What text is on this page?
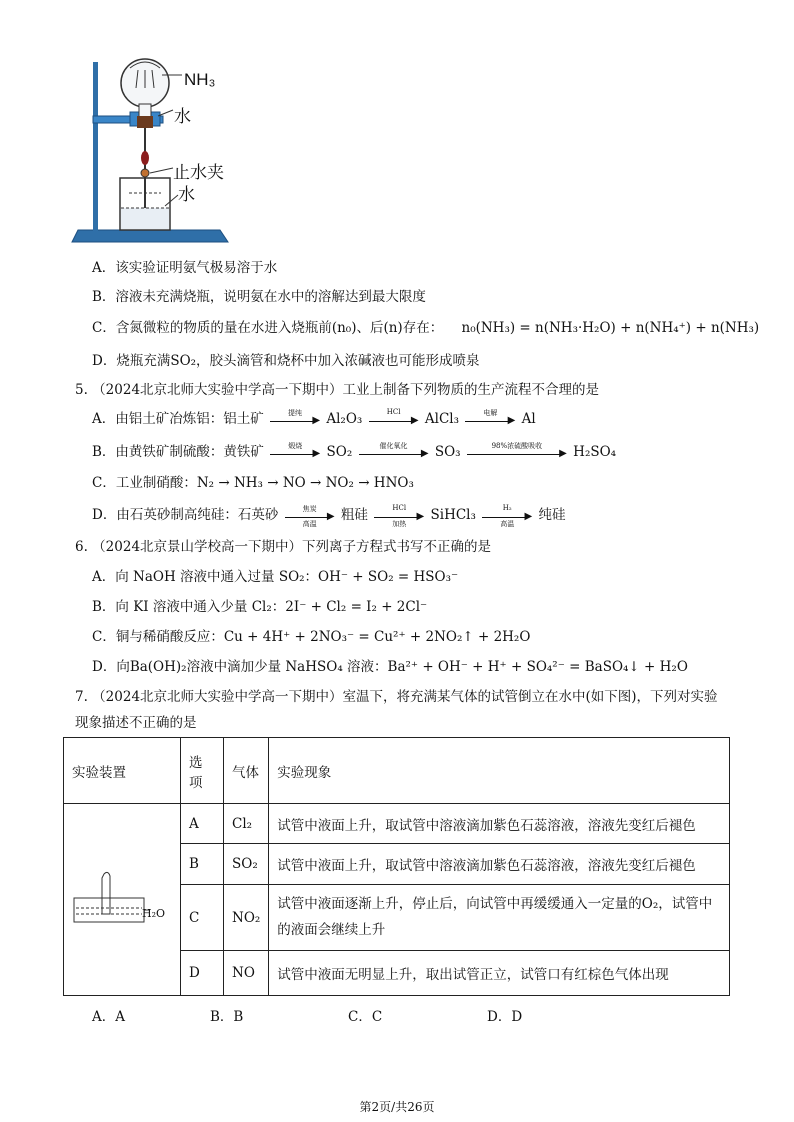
NH₃
水
止水夹
水
A．该实验证明氨气极易溶于水
B．溶液未充满烧瓶，说明氨在水中的溶解达到最大限度
C．含氮微粒的物质的量在水进入烧瓶前(n₀)、后(n)存在： n₀(NH₃) = n(NH₃·H₂O) + n(NH₄⁺) + n(NH₃)
D．烧瓶充满SO₂，胶头滴管和烧杯中加入浓碱液也可能形成喷泉
5. （2024北京北师大实验中学高一下期中）工业上制备下列物质的生产流程不合理的是
A．由铝土矿冶炼铝：铝土矿	提纯
▶ Al₂O₃	HCl
▶ AlCl₃	电解
▶ Al
B．由黄铁矿制硫酸：黄铁矿	煅烧
▶ SO₂	催化氧化
▶ SO₃	98%浓硫酸吸收
▶ H₂SO₄
C．工业制硝酸：N₂ → NH₃ → NO → NO₂ → HNO₃
D．由石英砂制高纯硅：石英砂	焦炭
▶
高温
粗硅	HCl
▶
加热
SiHCl₃	H₂
▶
高温
纯硅
6. （2024北京景山学校高一下期中）下列离子方程式书写不正确的是
A．向 NaOH 溶液中通入过量 SO₂：OH⁻ + SO₂ = HSO₃⁻
B．向 KI 溶液中通入少量 Cl₂：2I⁻ + Cl₂ = I₂ + 2Cl⁻
C．铜与稀硝酸反应：Cu + 4H⁺ + 2NO₃⁻ = Cu²⁺ + 2NO₂↑ + 2H₂O
D．向Ba(OH)₂溶液中滴加少量 NaHSO₄ 溶液：Ba²⁺ + OH⁻ + H⁺ + SO₄²⁻ = BaSO₄↓ + H₂O
7. （2024北京北师大实验中学高一下期中）室温下，将充满某气体的试管倒立在水中(如下图)，下列对实验
现象描述不正确的是
实验装置	选项	气体	实验现象

H₂O	A	Cl₂	试管中液面上升，取试管中溶液滴加紫色石蕊溶液，溶液先变红后褪色
	B	SO₂	试管中液面上升，取试管中溶液滴加紫色石蕊溶液，溶液先变红后褪色
	C	NO₂	试管中液面逐渐上升，停止后，向试管中再缓缓通入一定量的O₂，试管中的液面会继续上升
	D	NO	试管中液面无明显上升，取出试管正立，试管口有红棕色气体出现
A．A	B．B	C．C	D．D
第2页/共26页
